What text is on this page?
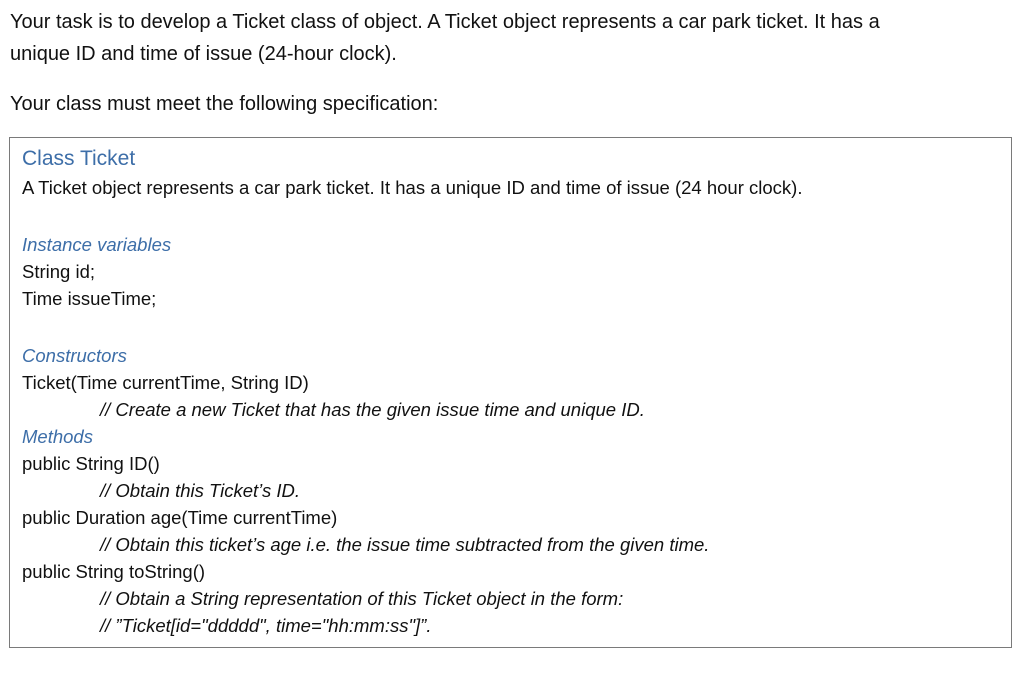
Your task is to develop a Ticket class of object. A Ticket object represents a car park ticket. It has a

unique ID and time of issue (24-hour clock).

Your class must meet the following specification:

Class Ticket
A Ticket object represents a car park ticket. It has a unique ID and time of issue (24 hour clock).
Instance variables
String id;
Time issueTime;
Constructors
Ticket(Time currentTime, String ID)
// Create a new Ticket that has the given issue time and unique ID.
Methods
public String ID()
// Obtain this Ticket’s ID.
public Duration age(Time currentTime)
// Obtain this ticket’s age i.e. the issue time subtracted from the given time.
public String toString()
// Obtain a String representation of this Ticket object in the form:
// ”Ticket[id="ddddd", time="hh:mm:ss"]”.
